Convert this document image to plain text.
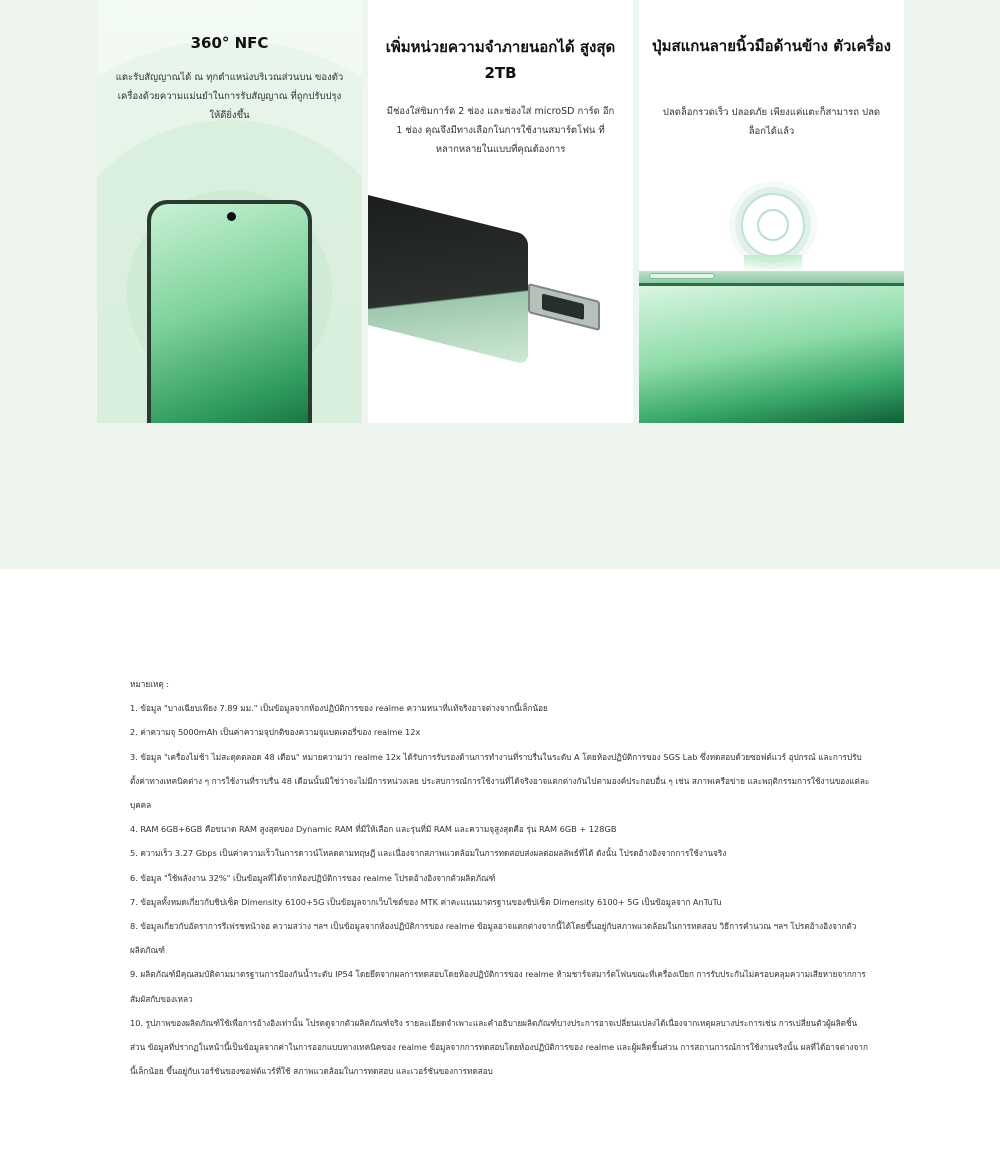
360° NFC
แตะรับสัญญาณได้ ณ ทุกตำแหน่งบริเวณส่วนบน ของตัวเครื่องด้วยความแม่นยำในการรับสัญญาณ ที่ถูกปรับปรุงให้ดียิ่งขึ้น
เพิ่มหน่วยความจำภายนอกได้ สูงสุด 2TB
มีช่องใส่ซิมการ์ด 2 ช่อง และช่องใส่ microSD การ์ด อีก 1 ช่อง คุณจึงมีทางเลือกในการใช้งานสมาร์ตโฟน ที่หลากหลายในแบบที่คุณต้องการ
ปุ่มสแกนลายนิ้วมือด้านข้าง ตัวเครื่อง
ปลดล็อกรวดเร็ว ปลอดภัย เพียงแค่แตะก็สามารถ ปลดล็อกได้แล้ว
หมายเหตุ :
1. ข้อมูล "บางเฉียบเพียง 7.89 มม." เป็นข้อมูลจากห้องปฏิบัติการของ realme ความหนาที่แท้จริงอาจต่างจากนี้เล็กน้อย
2. ค่าความจุ 5000mAh เป็นค่าความจุปกติของความจุแบตเตอรี่ของ realme 12x
3. ข้อมูล "เครื่องไม่ช้า ไม่สะดุดตลอด 48 เดือน" หมายความว่า realme 12x ได้รับการรับรองด้านการทำงานที่ราบรื่นในระดับ A โดยห้องปฏิบัติการของ SGS Lab ซึ่งทดสอบด้วยซอฟต์แวร์ อุปกรณ์ และการปรับตั้งค่าทางเทคนิคต่าง ๆ การใช้งานที่ราบรื่น 48 เดือนนั้นมิใช่ว่าจะไม่มีการหน่วงเลย ประสบการณ์การใช้งานที่ได้จริงอาจแตกต่างกันไปตามองค์ประกอบอื่น ๆ เช่น สภาพเครือข่าย และพฤติกรรมการใช้งานของแต่ละบุคคล
4. RAM 6GB+6GB คือขนาด RAM สูงสุดของ Dynamic RAM ที่มีให้เลือก และรุ่นที่มี RAM และความจุสูงสุดคือ รุ่น RAM 6GB + 128GB
5. ความเร็ว 3.27 Gbps เป็นค่าความเร็วในการดาวน์โหลดตามทฤษฎี และเนื่องจากสภาพแวดล้อมในการทดสอบส่งผลต่อผลลัพธ์ที่ได้ ดังนั้น โปรดอ้างอิงจากการใช้งานจริง
6. ข้อมูล "ใช้พลังงาน 32%" เป็นข้อมูลที่ได้จากห้องปฏิบัติการของ realme โปรดอ้างอิงจากตัวผลิตภัณฑ์
7. ข้อมูลทั้งหมดเกี่ยวกับชิปเซ็ต Dimensity 6100+5G เป็นข้อมูลจากเว็บไซต์ของ MTK ค่าคะแนนมาตรฐานของชิปเซ็ต Dimensity 6100+ 5G เป็นข้อมูลจาก AnTuTu
8. ข้อมูลเกี่ยวกับอัตราการรีเฟรชหน้าจอ ความสว่าง ฯลฯ เป็นข้อมูลจากห้องปฏิบัติการของ realme ข้อมูลอาจแตกต่างจากนี้ได้โดยขึ้นอยู่กับสภาพแวดล้อมในการทดสอบ วิธีการคำนวณ ฯลฯ โปรดอ้างอิงจากตัวผลิตภัณฑ์
9. ผลิตภัณฑ์มีคุณสมบัติตามมาตรฐานการป้องกันน้ำระดับ IP54 โดยยึดจากผลการทดสอบโดยห้องปฏิบัติการของ realme ห้ามชาร์จสมาร์ตโฟนขณะที่เครื่องเปียก การรับประกันไม่ครอบคลุมความเสียหายจากการสัมผัสกับของเหลว
10. รูปภาพของผลิตภัณฑ์ใช้เพื่อการอ้างอิงเท่านั้น โปรดดูจากตัวผลิตภัณฑ์จริง รายละเอียดจำเพาะและคำอธิบายผลิตภัณฑ์บางประการอาจเปลี่ยนแปลงได้เนื่องจากเหตุผลบางประการเช่น การเปลี่ยนตัวผู้ผลิตชิ้นส่วน ข้อมูลที่ปรากฏในหน้านี้เป็นข้อมูลจากค่าในการออกแบบทางเทคนิคของ realme ข้อมูลจากการทดสอบโดยห้องปฏิบัติการของ realme และผู้ผลิตชิ้นส่วน การสถานการณ์การใช้งานจริงนั้น ผลที่ได้อาจต่างจากนี้เล็กน้อย ขึ้นอยู่กับเวอร์ชันของซอฟต์แวร์ที่ใช้ สภาพแวดล้อมในการทดสอบ และเวอร์ชันของการทดสอบ
